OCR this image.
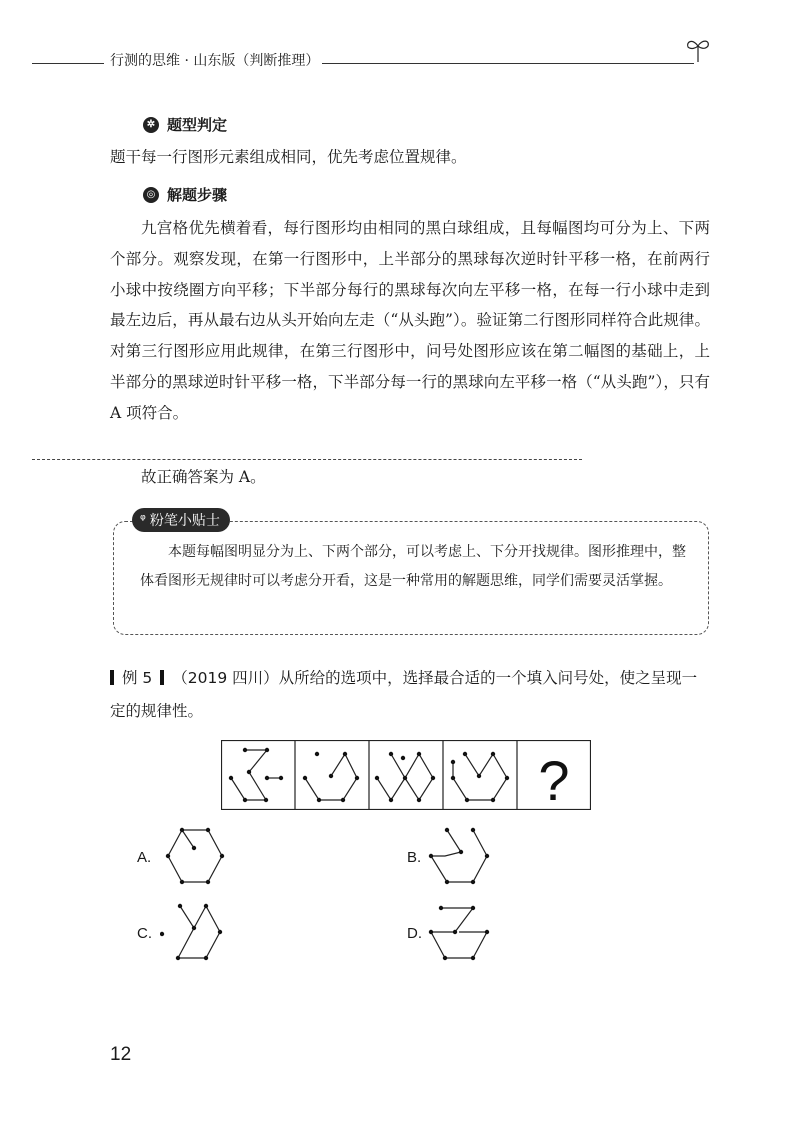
行测的思维 · 山东版（判断推理）
✲ 题型判定
题干每一行图形元素组成相同，优先考虑位置规律。
◎ 解题步骤
九宫格优先横着看，每行图形均由相同的黑白球组成，且每幅图均可分为上、下两个部分。观察发现，在第一行图形中，上半部分的黑球每次逆时针平移一格，在前两行小球中按绕圈方向平移；下半部分每行的黑球每次向左平移一格，在每一行小球中走到最左边后，再从最右边从头开始向左走（“从头跑”）。验证第二行图形同样符合此规律。对第三行图形应用此规律，在第三行图形中，问号处图形应该在第二幅图的基础上，上半部分的黑球逆时针平移一格，下半部分每一行的黑球向左平移一格（“从头跑”），只有 A 项符合。
故正确答案为 A。
ᵠ 粉笔小贴士
本题每幅图明显分为上、下两个部分，可以考虑上、下分开找规律。图形推理中，整体看图形无规律时可以考虑分开看，这是一种常用的解题思维，同学们需要灵活掌握。
例 5 （2019 四川）从所给的选项中，选择最合适的一个填入问号处，使之呈现一定的规律性。
?
A.	B.
C.	D.
12
